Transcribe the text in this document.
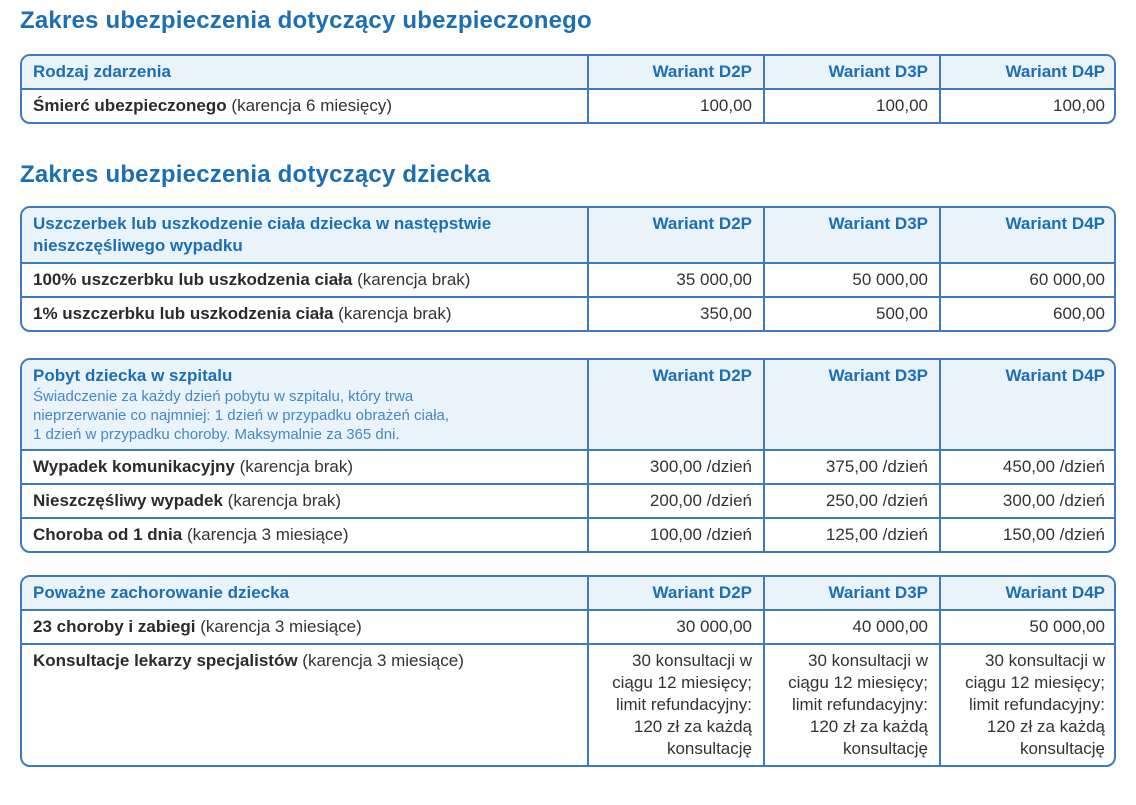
Zakres ubezpieczenia dotyczący ubezpieczonego
Rodzaj zdarzenia	Wariant D2P	Wariant D3P	Wariant D4P
Śmierć ubezpieczonego (karencja 6 miesięcy)	100,00	100,00	100,00
Zakres ubezpieczenia dotyczący dziecka
Uszczerbek lub uszkodzenie ciała dziecka w następstwie nieszczęśliwego wypadku	Wariant D2P	Wariant D3P	Wariant D4P
100% uszczerbku lub uszkodzenia ciała (karencja brak)	35 000,00	50 000,00	60 000,00
1% uszczerbku lub uszkodzenia ciała (karencja brak)	350,00	500,00	600,00
Pobyt dziecka w szpitalu
Świadczenie za każdy dzień pobytu w szpitalu, który trwa
nieprzerwanie co najmniej: 1 dzień w przypadku obrażeń ciała,
1 dzień w przypadku choroby. Maksymalnie za 365 dni.	Wariant D2P	Wariant D3P	Wariant D4P
Wypadek komunikacyjny (karencja brak)	300,00 /dzień	375,00 /dzień	450,00 /dzień
Nieszczęśliwy wypadek (karencja brak)	200,00 /dzień	250,00 /dzień	300,00 /dzień
Choroba od 1 dnia (karencja 3 miesiące)	100,00 /dzień	125,00 /dzień	150,00 /dzień
Poważne zachorowanie dziecka	Wariant D2P	Wariant D3P	Wariant D4P
23 choroby i zabiegi (karencja 3 miesiące)	30 000,00	40 000,00	50 000,00
Konsultacje lekarzy specjalistów (karencja 3 miesiące)	30 konsultacji w ciągu 12 miesięcy; limit refundacyjny: 120 zł za każdą konsultację	30 konsultacji w ciągu 12 miesięcy; limit refundacyjny: 120 zł za każdą konsultację	30 konsultacji w ciągu 12 miesięcy; limit refundacyjny: 120 zł za każdą konsultację
